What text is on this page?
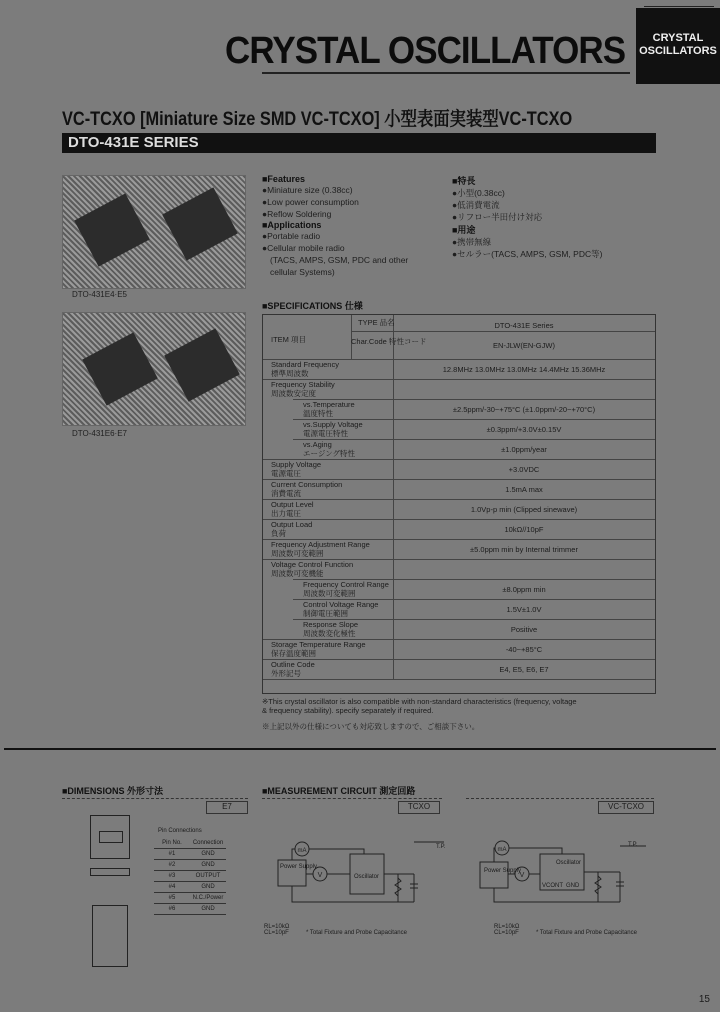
CRYSTAL OSCILLATORS	CRYSTAL
OSCILLATORS
VC-TCXO [Miniature Size SMD VC-TCXO] 小型表面実装型VC-TCXO
DTO-431E SERIES
DTO-431E4·E5
DTO-431E6·E7
■Features
●Miniature size (0.38cc)
●Low power consumption
●Reflow Soldering
■Applications
●Portable radio
●Cellular mobile radio
(TACS, AMPS, GSM, PDC and other
cellular Systems)
■特長
●小型(0.38cc)
●低消費電流
●リフロー半田付け対応
■用途
●携帯無線
●セルラー(TACS, AMPS, GSM, PDC等)
■SPECIFICATIONS 仕様
TYPE 品名	DTO-431E Series
ITEM 項目	Char.Code 特性コード	EN-JLW(EN-GJW)
Standard Frequency
標準周波数	12.8MHz 13.0MHz 13.0MHz 14.4MHz 15.36MHz
Frequency Stability
周波数安定度
vs.Temperature
温度特性	±2.5ppm/-30~+75°C (±1.0ppm/-20~+70°C)
vs.Supply Voltage
電源電圧特性	±0.3ppm/+3.0V±0.15V
vs.Aging
エージング特性	±1.0ppm/year
Supply Voltage
電源電圧	+3.0VDC
Current Consumption
消費電流	1.5mA max
Output Level
出力電圧	1.0Vp-p min (Clipped sinewave)
Output Load
負荷	10kΩ//10pF
Frequency Adjustment Range
周波数可変範囲	±5.0ppm min by Internal trimmer
Voltage Control Function
周波数可変機能
Frequency Control Range
周波数可変範囲	±8.0ppm min
Control Voltage Range
制御電圧範囲	1.5V±1.0V
Response Slope
周波数変化極性	Positive
Storage Temperature Range
保存温度範囲	-40~+85°C
Outline Code
外形記号	E4, E5, E6, E7
※This crystal oscillator is also compatible with non-standard characteristics (frequency, voltage
& frequency stability). specify separately if required.
※上記以外の仕様についても対応致しますので、ご相談下さい。
■DIMENSIONS 外形寸法
E7
Pin Connections
Pin No.	Connection
#1	GND
#2	GND
#3	OUTPUT
#4	GND
#5	N.C./Power
#6	GND
■MEASUREMENT CIRCUIT 測定回路
TCXO	VC-TCXO
mA
V
Power Supply
Oscillator
T.P.	mA
V
Power Supply
Oscillator
VCONT GND
T.P.
RL=10kΩ
CL=10pF	* Total Fixture and Probe Capacitance
RL=10kΩ
CL=10pF	* Total Fixture and Probe Capacitance
15
